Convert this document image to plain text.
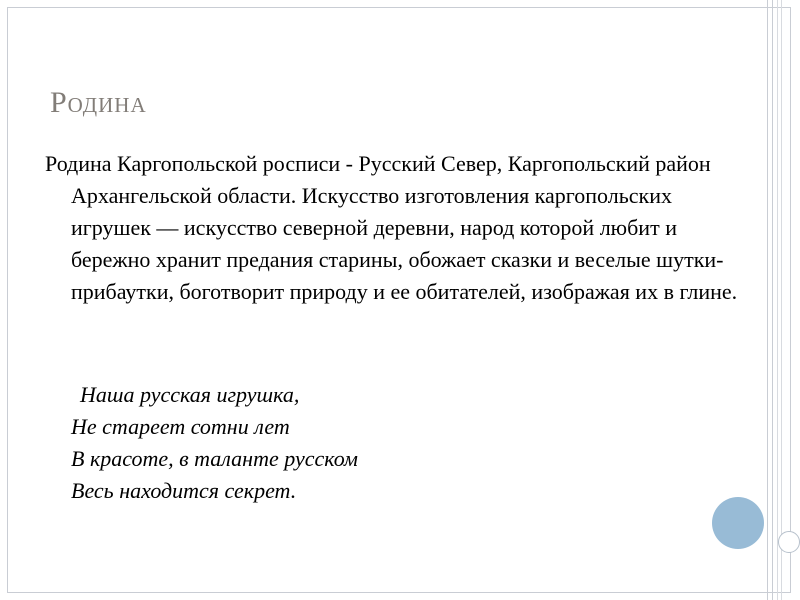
Родина

Родина Каргопольской росписи - Русский Север, Каргопольский район Архангельской области. Искусство изготовления каргопольских игрушек — искусство северной деревни, народ которой любит и бережно хранит предания старины, обожает сказки и веселые шутки-прибаутки, боготворит природу и ее обитателей, изображая их в глине.

Наша русская игрушка,
Не стареет сотни лет
В красоте, в таланте русском
Весь находится секрет.
